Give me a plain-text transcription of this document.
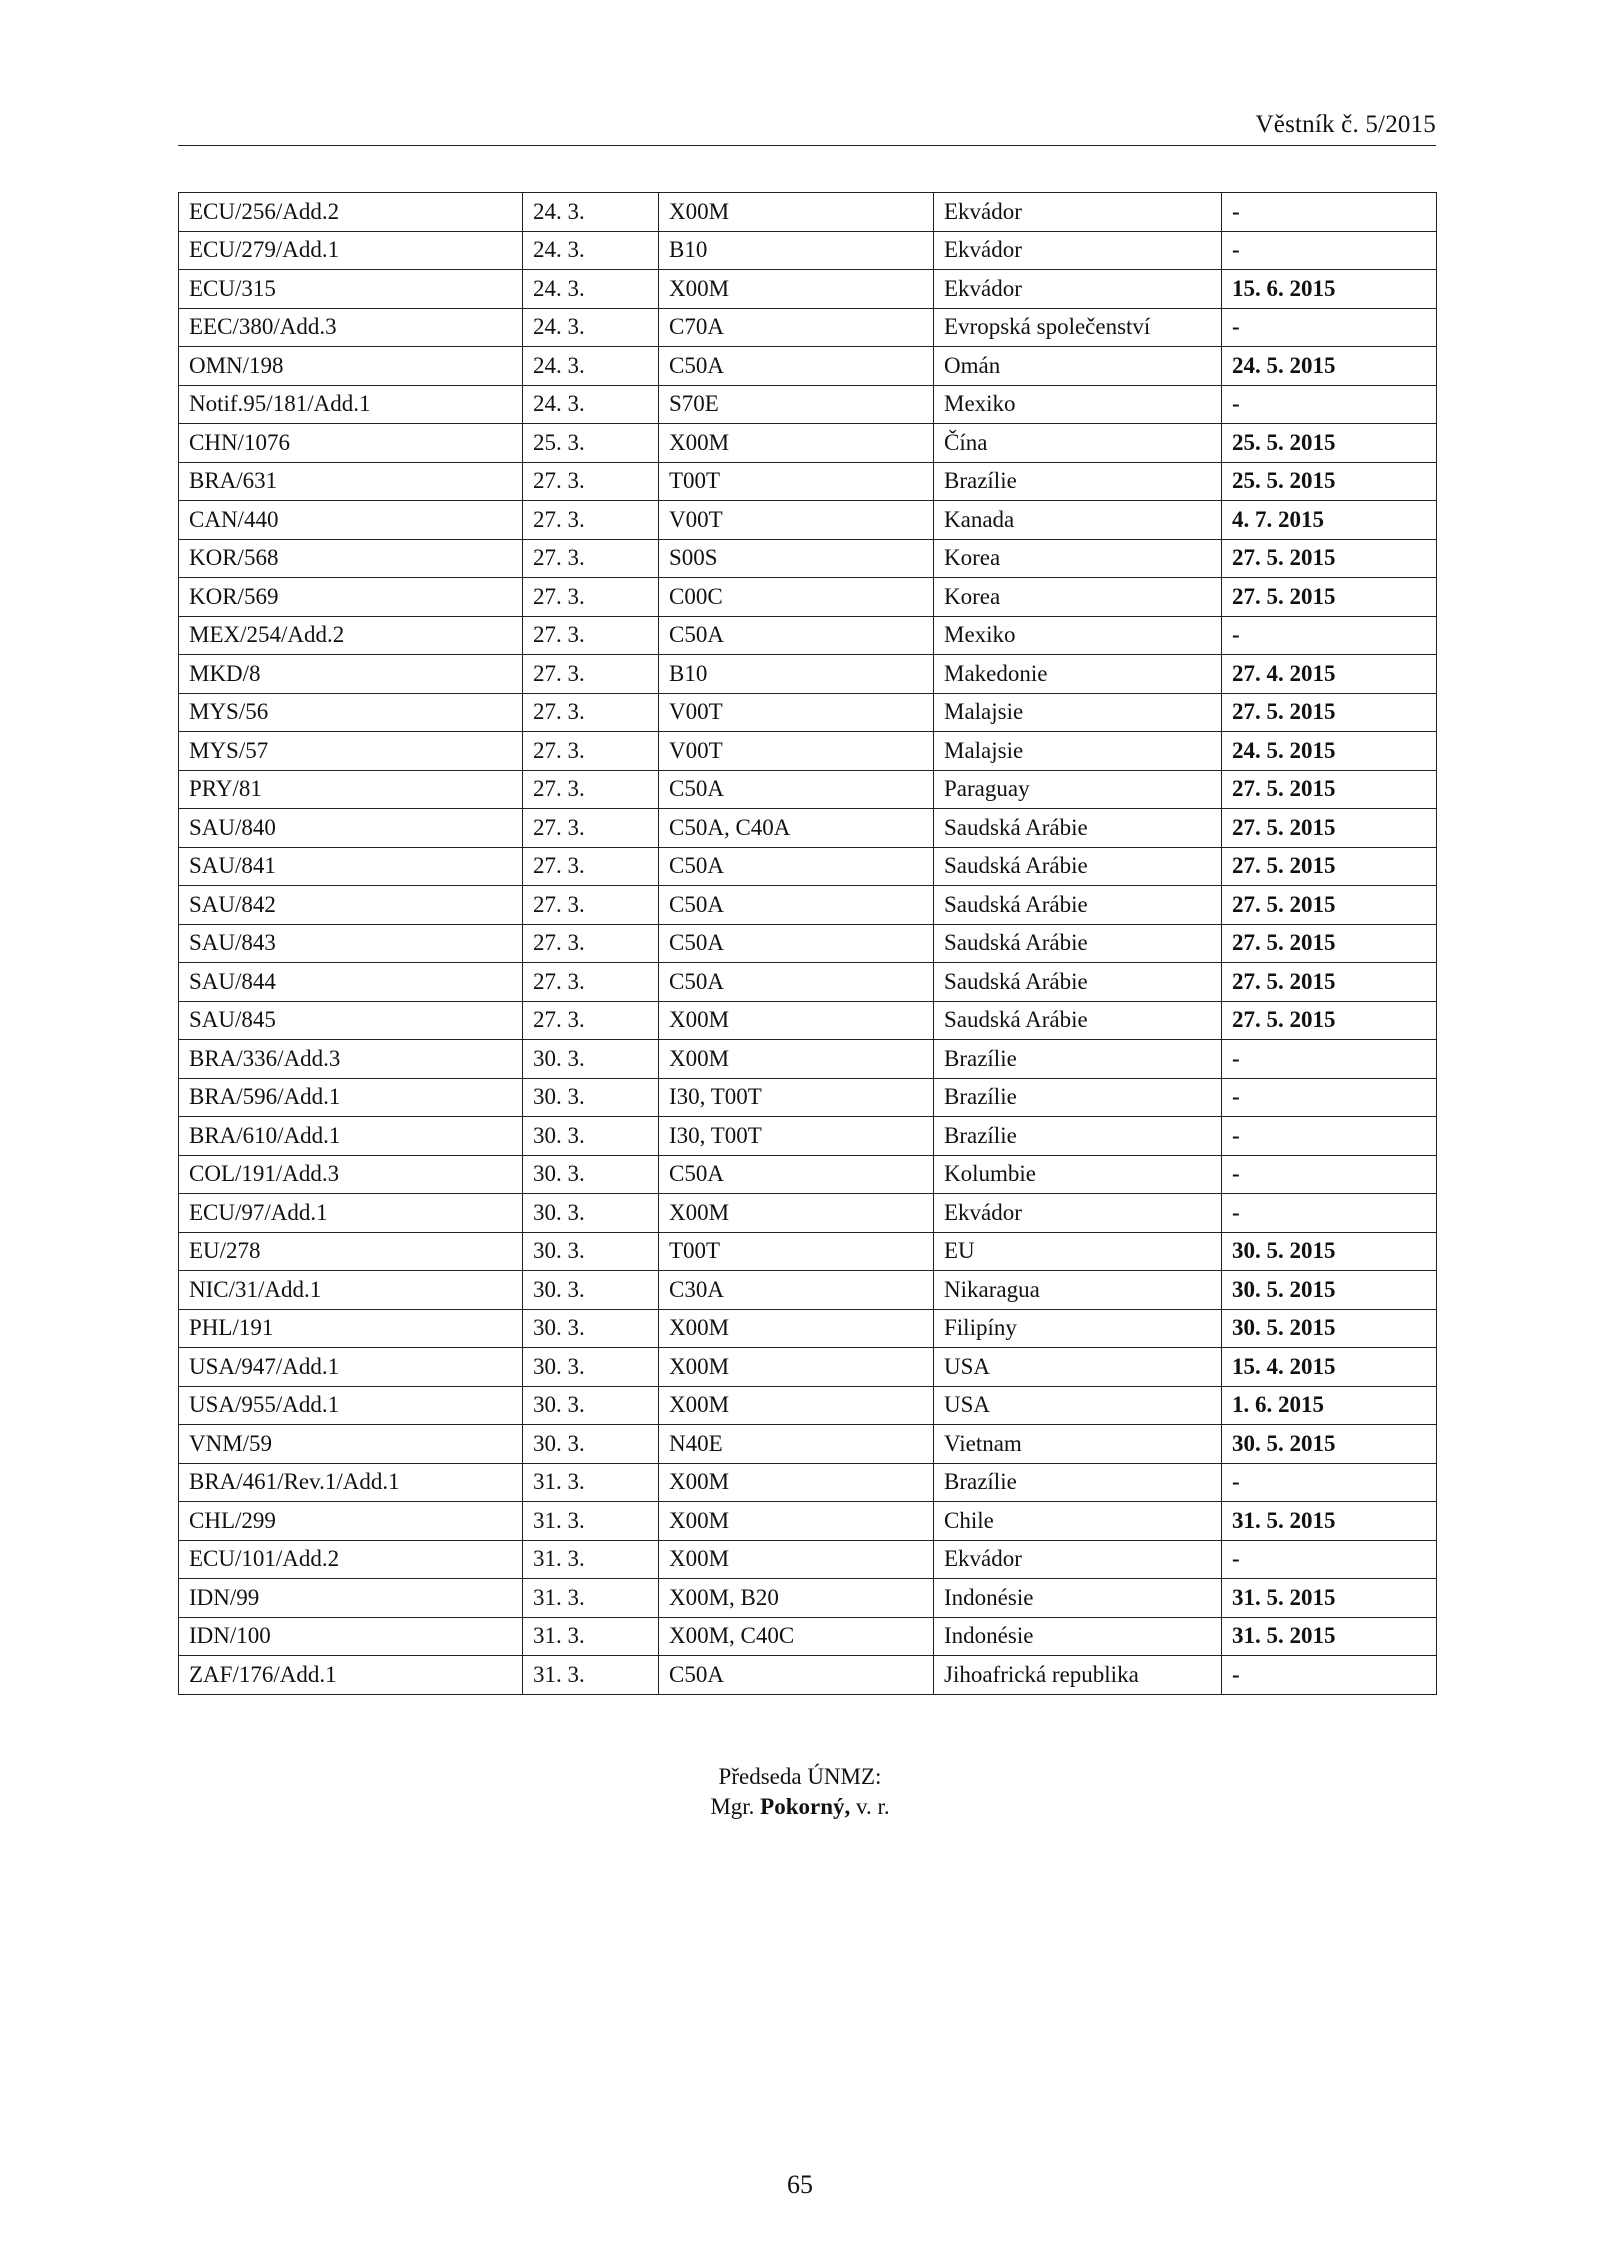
Věstník č. 5/2015
ECU/256/Add.2	24. 3.	X00M	Ekvádor	-
ECU/279/Add.1	24. 3.	B10	Ekvádor	-
ECU/315	24. 3.	X00M	Ekvádor	15. 6. 2015
EEC/380/Add.3	24. 3.	C70A	Evropská společenství	-
OMN/198	24. 3.	C50A	Omán	24. 5. 2015
Notif.95/181/Add.1	24. 3.	S70E	Mexiko	-
CHN/1076	25. 3.	X00M	Čína	25. 5. 2015
BRA/631	27. 3.	T00T	Brazílie	25. 5. 2015
CAN/440	27. 3.	V00T	Kanada	4. 7. 2015
KOR/568	27. 3.	S00S	Korea	27. 5. 2015
KOR/569	27. 3.	C00C	Korea	27. 5. 2015
MEX/254/Add.2	27. 3.	C50A	Mexiko	-
MKD/8	27. 3.	B10	Makedonie	27. 4. 2015
MYS/56	27. 3.	V00T	Malajsie	27. 5. 2015
MYS/57	27. 3.	V00T	Malajsie	24. 5. 2015
PRY/81	27. 3.	C50A	Paraguay	27. 5. 2015
SAU/840	27. 3.	C50A, C40A	Saudská Arábie	27. 5. 2015
SAU/841	27. 3.	C50A	Saudská Arábie	27. 5. 2015
SAU/842	27. 3.	C50A	Saudská Arábie	27. 5. 2015
SAU/843	27. 3.	C50A	Saudská Arábie	27. 5. 2015
SAU/844	27. 3.	C50A	Saudská Arábie	27. 5. 2015
SAU/845	27. 3.	X00M	Saudská Arábie	27. 5. 2015
BRA/336/Add.3	30. 3.	X00M	Brazílie	-
BRA/596/Add.1	30. 3.	I30, T00T	Brazílie	-
BRA/610/Add.1	30. 3.	I30, T00T	Brazílie	-
COL/191/Add.3	30. 3.	C50A	Kolumbie	-
ECU/97/Add.1	30. 3.	X00M	Ekvádor	-
EU/278	30. 3.	T00T	EU	30. 5. 2015
NIC/31/Add.1	30. 3.	C30A	Nikaragua	30. 5. 2015
PHL/191	30. 3.	X00M	Filipíny	30. 5. 2015
USA/947/Add.1	30. 3.	X00M	USA	15. 4. 2015
USA/955/Add.1	30. 3.	X00M	USA	1. 6. 2015
VNM/59	30. 3.	N40E	Vietnam	30. 5. 2015
BRA/461/Rev.1/Add.1	31. 3.	X00M	Brazílie	-
CHL/299	31. 3.	X00M	Chile	31. 5. 2015
ECU/101/Add.2	31. 3.	X00M	Ekvádor	-
IDN/99	31. 3.	X00M, B20	Indonésie	31. 5. 2015
IDN/100	31. 3.	X00M, C40C	Indonésie	31. 5. 2015
ZAF/176/Add.1	31. 3.	C50A	Jihoafrická republika	-
Předseda ÚNMZ:
Mgr. Pokorný, v. r.
65
